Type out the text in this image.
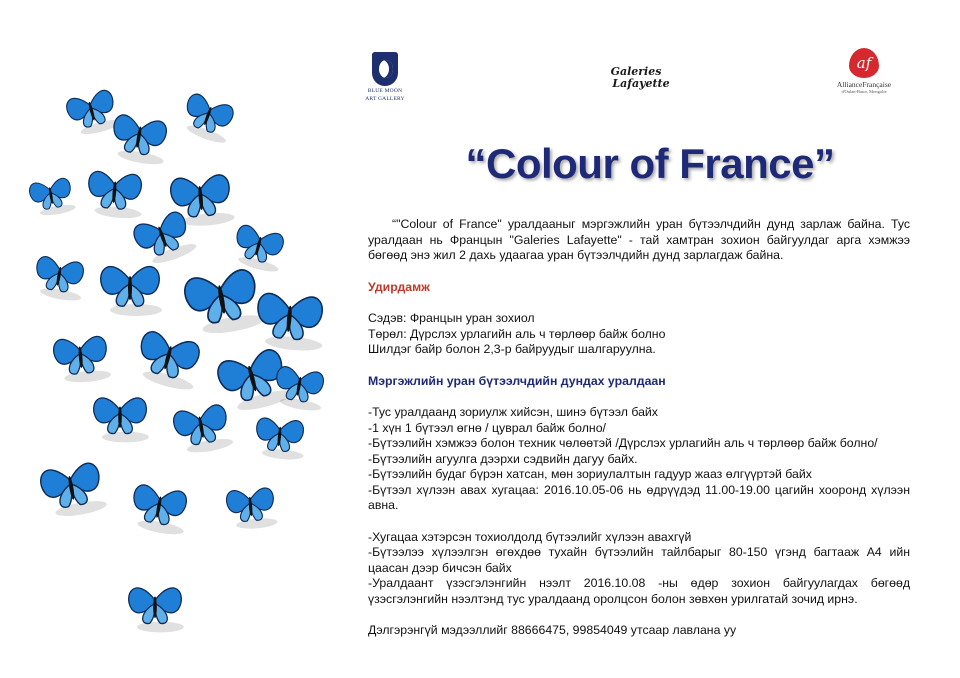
BLUE MOON
ART GALLERY
Galeries
Lafayette
af
AllianceFrançaise
d'Oulan-Bator, Mongolie
“Colour of France”

“"Colour of France" уралдааныг мэргэжлийн уран бүтээлчдийн дунд зарлаж байна. Тус уралдаан нь Францын "Galeries Lafayette" - тай хамтран зохион байгуулдаг арга хэмжээ бөгөөд энэ жил 2 дахь удаагаа уран бүтээлчдийн дунд зарлагдаж байна.

Удирдамж

Сэдэв: Францын уран зохиол

Төрөл: Дүрслэх урлагийн аль ч төрлөөр байж болно

Шилдэг байр болон 2,3-р байруудыг шалгаруулна.

Мэргэжлийн уран бүтээлчдийн дундах уралдаан

-Тус уралдаанд зориулж хийсэн, шинэ бүтээл байх

-1 хүн 1 бүтээл өгнө / цуврал байж болно/

-Бүтээлийн хэмжээ болон техник чөлөөтэй /Дүрслэх урлагийн аль ч төрлөөр байж болно/

-Бүтээлийн агуулга дээрхи сэдвийн дагуу байх.

-Бүтээлийн будаг бүрэн хатсан, мөн зориулалтын гадуур жааз өлгүүртэй байх

-Бүтээл хүлээн авах хугацаа: 2016.10.05-06 нь өдрүүдэд 11.00-19.00 цагийн хооронд хүлээн авна.

-Хугацаа хэтэрсэн тохиолдолд бүтээлийг хүлээн авахгүй

-Бүтээлээ хүлээлгэн өгөхдөө тухайн бүтээлийн тайлбарыг 80-150 үгэнд багтааж А4 ийн цаасан дээр бичсэн байх

-Уралдаант үзэсгэлэнгийн нээлт 2016.10.08 -ны өдөр зохион байгуулагдах бөгөөд үзэсгэлэнгийн нээлтэнд тус уралдаанд оролцсон болон зөвхөн урилгатай зочид ирнэ.

Дэлгэрэнгүй мэдээллийг 88666475, 99854049 утсаар лавлана уу
